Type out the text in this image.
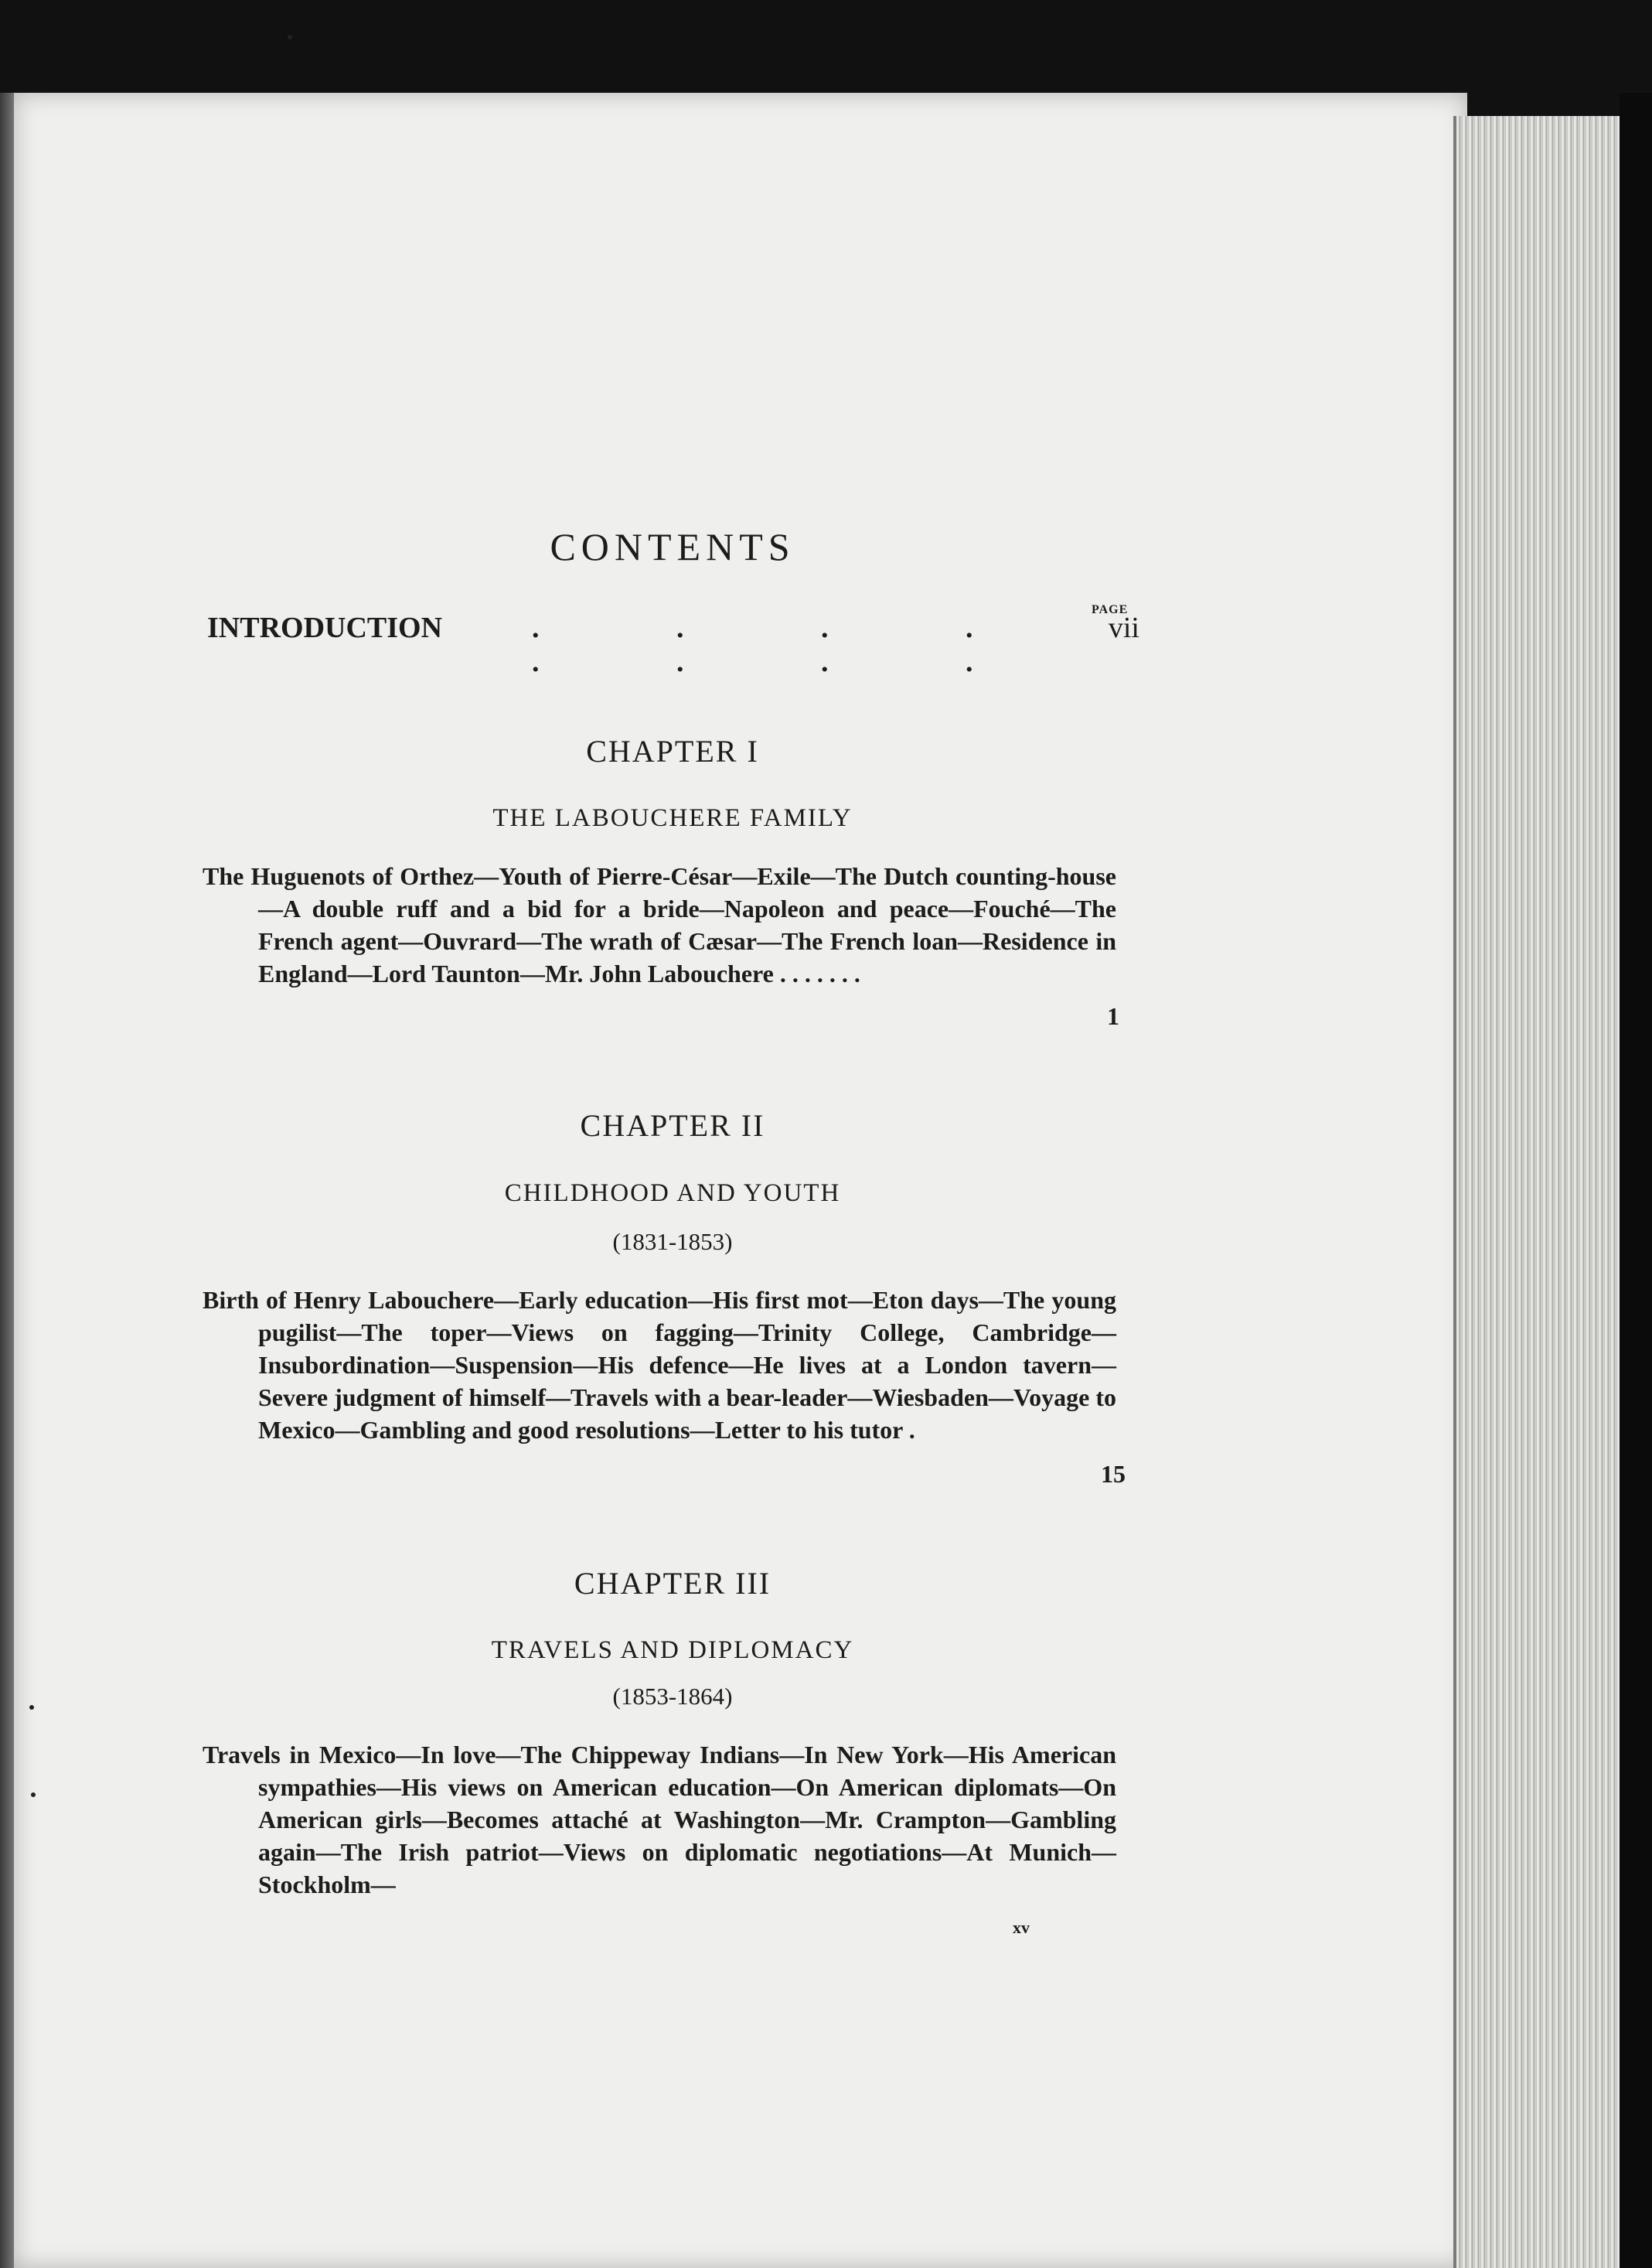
PAGE
CONTENTS
INTRODUCTION	. . . . . . . .
vii
CHAPTER I
THE LABOUCHERE FAMILY
The Huguenots of Orthez—Youth of Pierre-César—Exile—The Dutch counting-house—A double ruff and a bid for a bride—Napoleon and peace—Fouché—The French agent—Ouvrard—The wrath of Cæsar—The French loan—Residence in England—Lord Taunton—Mr. John Labouchere . . . . . . .
1
CHAPTER II
CHILDHOOD AND YOUTH
(1831-1853)
Birth of Henry Labouchere—Early education—His first mot—Eton days—The young pugilist—The toper—Views on fagging—Trinity College, Cambridge—Insubordination—Suspension—His defence—He lives at a London tavern—Severe judgment of himself—Travels with a bear-leader—Wiesbaden—Voyage to Mexico—Gambling and good resolutions—Letter to his tutor .
15
CHAPTER III
TRAVELS AND DIPLOMACY
(1853-1864)
Travels in Mexico—In love—The Chippeway Indians—In New York—His American sympathies—His views on American education—On American diplomats—On American girls—Becomes attaché at Washington—Mr. Crampton—Gambling again—The Irish patriot—Views on diplomatic negotiations—At Munich—Stockholm—
xv
